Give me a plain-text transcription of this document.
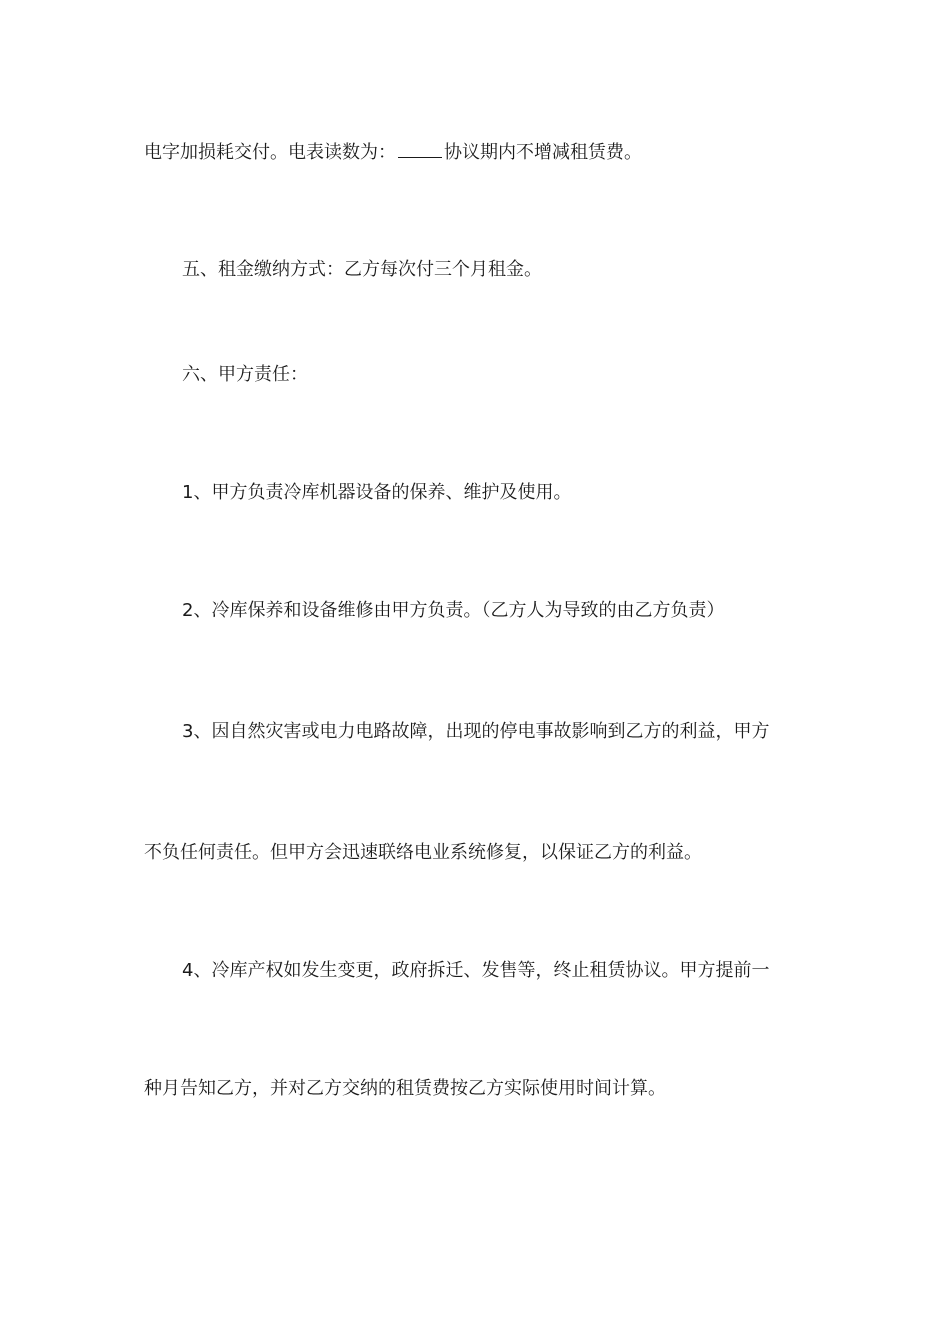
电字加损耗交付。电表读数为：	协议期内不增减租赁费。
五、租金缴纳方式：乙方每次付三个月租金。
六、甲方责任：
1、甲方负责冷库机器设备的保养、维护及使用。
2、冷库保养和设备维修由甲方负责。（乙方人为导致的由乙方负责）
3、因自然灾害或电力电路故障，出现的停电事故影响到乙方的利益，甲方
不负任何责任。但甲方会迅速联络电业系统修复，以保证乙方的利益。
4、冷库产权如发生变更，政府拆迁、发售等，终止租赁协议。甲方提前一
种月告知乙方，并对乙方交纳的租赁费按乙方实际使用时间计算。
